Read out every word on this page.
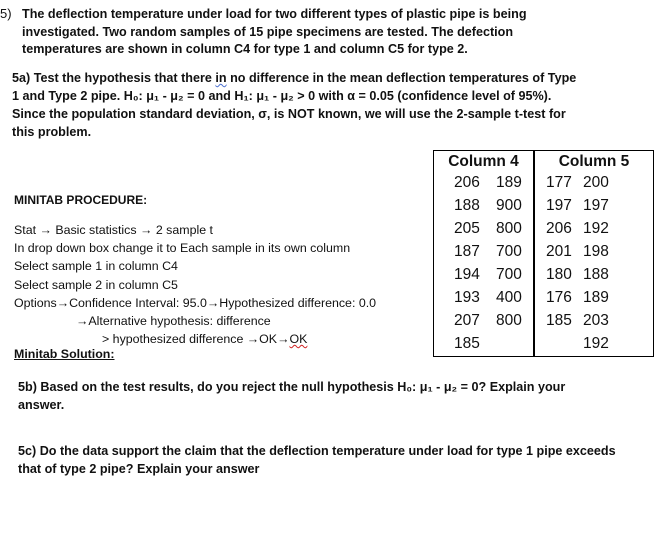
5) The deflection temperature under load for two different types of plastic pipe is being investigated. Two random samples of 15 pipe specimens are tested. The defection temperatures are shown in column C4 for type 1 and column C5 for type 2.
5a) Test the hypothesis that there in no difference in the mean deflection temperatures of Type
1 and Type 2 pipe. H₀: μ₁ - μ₂ = 0 and H₁: μ₁ - μ₂ > 0 with α = 0.05 (confidence level of 95%).
Since the population standard deviation, σ, is NOT known, we will use the 2-sample t-test for
this problem.
MINITAB PROCEDURE:
Stat → Basic statistics → 2 sample t
In drop down box change it to Each sample in its own column
Select sample 1 in column C4
Select sample 2 in column C5
Options→Confidence Interval: 95.0→Hypothesized difference: 0.0
→Alternative hypothesis: difference
> hypothesized difference →OK→OK
Minitab Solution:
5b) Based on the test results, do you reject the null hypothesis H₀: μ₁ - μ₂ = 0? Explain your answer.
5c) Do the data support the claim that the deflection temperature under load for type 1 pipe exceeds that of type 2 pipe? Explain your answer
Column 4
206 189
188 900
205 800
187 700
194 700
193 400
207 800
185
Column 5
177 200
197 197
206 192
201 198
180 188
176 189
185 203
192
